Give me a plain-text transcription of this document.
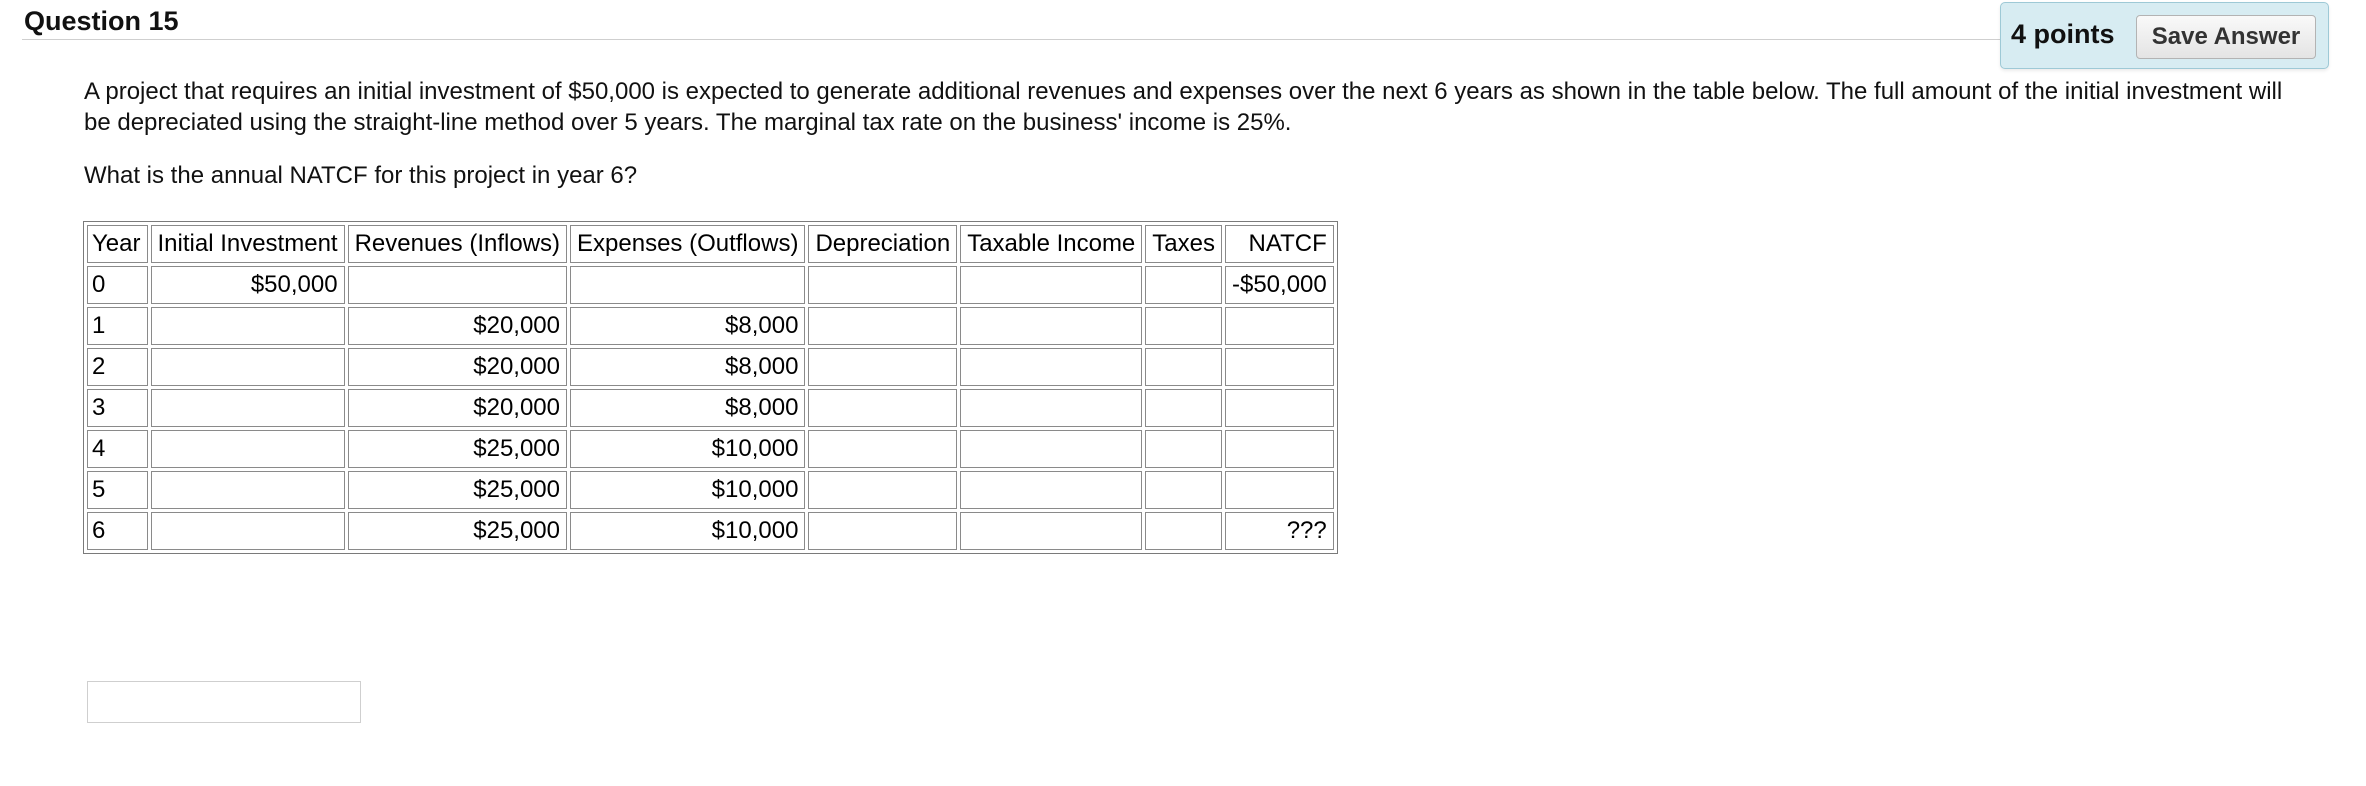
Question 15	4 points	Save Answer

A project that requires an initial investment of $50,000 is expected to generate additional revenues and expenses over the next 6 years as shown in the table below. The full amount of the initial investment will be depreciated using the straight-line method over 5 years. The marginal tax rate on the business' income is 25%.

What is the annual NATCF for this project in year 6?

Year	Initial Investment	Revenues (Inflows)	Expenses (Outflows)	Depreciation	Taxable Income	Taxes	NATCF
0	$50,000						-$50,000
1		$20,000	$8,000				
2		$20,000	$8,000				
3		$20,000	$8,000				
4		$25,000	$10,000				
5		$25,000	$10,000				
6		$25,000	$10,000				???
